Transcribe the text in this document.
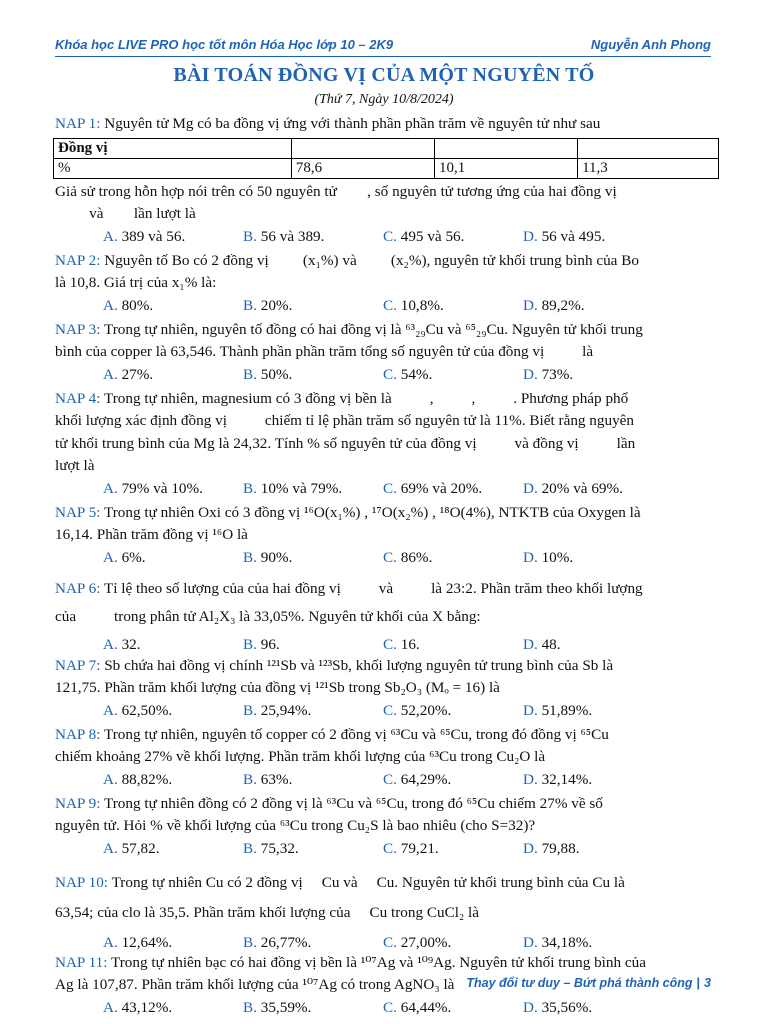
Khóa học LIVE PRO học tốt môn Hóa Học lớp 10 – 2K9	Nguyễn Anh Phong
BÀI TOÁN ĐỒNG VỊ CỦA MỘT NGUYÊN TỐ
(Thứ 7, Ngày 10/8/2024)

NAP 1: Nguyên tử Mg có ba đồng vị ứng với thành phần phần trăm về nguyên tử như sau

Đồng vị			
%	78,6	10,1	11,3

Giả sử trong hỗn hợp nói trên có 50 nguyên tử        , số nguyên tử tương ứng của hai đồng vị

và        lần lượt là

A. 389 và 56.	B. 56 và 389.	C. 495 và 56.	D. 56 và 495.

NAP 2: Nguyên tố Bo có 2 đồng vị         (x₁%) và         (x₂%), nguyên tử khối trung bình của Bo

là 10,8. Giá trị của x₁% là:

A. 80%.	B. 20%.	C. 10,8%.	D. 89,2%.

NAP 3: Trong tự nhiên, nguyên tố đồng có hai đồng vị là ⁶³₂₉Cu và ⁶⁵₂₉Cu. Nguyên tử khối trung

bình của copper là 63,546. Thành phần phần trăm tổng số nguyên tử của đồng vị          là

A. 27%.	B. 50%.	C. 54%.	D. 73%.

NAP 4: Trong tự nhiên, magnesium có 3 đồng vị bền là          ,          ,          . Phương pháp phổ

khối lượng xác định đồng vị          chiếm tỉ lệ phần trăm số nguyên tử là 11%. Biết rằng nguyên

tử khối trung bình của Mg là 24,32. Tính % số nguyên tử của đồng vị          và đồng vị          lần

lượt là

A. 79% và 10%.	B. 10% và 79%.	C. 69% và 20%.	D. 20% và 69%.

NAP 5: Trong tự nhiên Oxi có 3 đồng vị ¹⁶O(x₁%) , ¹⁷O(x₂%) , ¹⁸O(4%), NTKTB của Oxygen là

16,14. Phần trăm đồng vị ¹⁶O là

A. 6%.	B. 90%.	C. 86%.	D. 10%.

NAP 6: Tỉ lệ theo số lượng của của hai đồng vị          và          là 23:2. Phần trăm theo khối lượng

của          trong phân tử Al₂X₃ là 33,05%. Nguyên tử khối của X bằng:

A. 32.	B. 96.	C. 16.	D. 48.

NAP 7: Sb chứa hai đồng vị chính ¹²¹Sb và ¹²³Sb, khối lượng nguyên tử trung bình của Sb là

121,75. Phần trăm khối lượng của đồng vị ¹²¹Sb trong Sb₂O₃ (Mₒ = 16) là

A. 62,50%.	B. 25,94%.	C. 52,20%.	D. 51,89%.

NAP 8: Trong tự nhiên, nguyên tố copper có 2 đồng vị ⁶³Cu và ⁶⁵Cu, trong đó đồng vị ⁶⁵Cu

chiếm khoảng 27% về khối lượng. Phần trăm khối lượng của ⁶³Cu trong Cu₂O là

A. 88,82%.	B. 63%.	C. 64,29%.	D. 32,14%.

NAP 9: Trong tự nhiên đồng có 2 đồng vị là ⁶³Cu và ⁶⁵Cu, trong đó ⁶⁵Cu chiếm 27% về số

nguyên tử. Hỏi % về khối lượng của ⁶³Cu trong Cu₂S là bao nhiêu (cho S=32)?

A. 57,82.	B. 75,32.	C. 79,21.	D. 79,88.

NAP 10: Trong tự nhiên Cu có 2 đồng vị     Cu và     Cu. Nguyên tử khối trung bình của Cu là

63,54; của clo là 35,5. Phần trăm khối lượng của     Cu trong CuCl₂ là

A. 12,64%.	B. 26,77%.	C. 27,00%.	D. 34,18%.

NAP 11: Trong tự nhiên bạc có hai đồng vị bền là ¹⁰⁷Ag và ¹⁰⁹Ag. Nguyên tử khối trung bình của

Ag là 107,87. Phần trăm khối lượng của ¹⁰⁷Ag có trong AgNO₃ là

A. 43,12%.	B. 35,59%.	C. 64,44%.	D. 35,56%.
Thay đổi tư duy – Bứt phá thành công | 3
